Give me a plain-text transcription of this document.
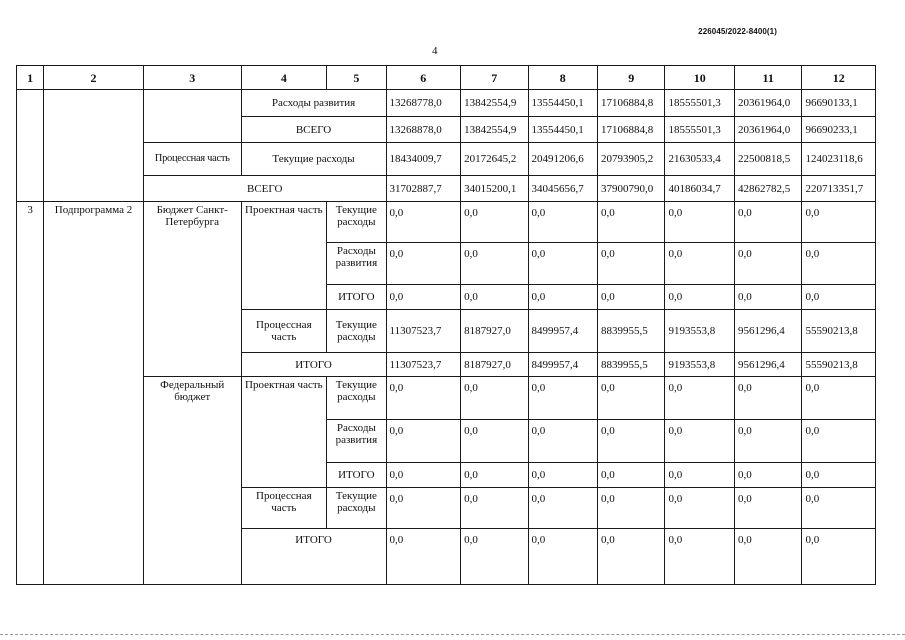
226045/2022-8400(1)
4
1	2	3	4	5	6	7	8	9	10	11	12
			Расходы развития		13268778,0	13842554,9	13554450,1	17106884,8	18555501,3	20361964,0	96690133,1
			ВСЕГО		13268878,0	13842554,9	13554450,1	17106884,8	18555501,3	20361964,0	96690233,1
		Процессная часть	Текущие расходы		18434009,7	20172645,2	20491206,6	20793905,2	21630533,4	22500818,5	124023118,6
		ВСЕГО			31702887,7	34015200,1	34045656,7	37900790,0	40186034,7	42862782,5	220713351,7
3	Подпрограмма 2	Бюджет Санкт-Петербурга	Проектная часть	Текущие расходы	0,0	0,0	0,0	0,0	0,0	0,0	0,0
				Расходы развития	0,0	0,0	0,0	0,0	0,0	0,0	0,0
				ИТОГО	0,0	0,0	0,0	0,0	0,0	0,0	0,0
			Процессная часть	Текущие расходы	11307523,7	8187927,0	8499957,4	8839955,5	9193553,8	9561296,4	55590213,8
			ИТОГО		11307523,7	8187927,0	8499957,4	8839955,5	9193553,8	9561296,4	55590213,8
		Федеральный бюджет	Проектная часть	Текущие расходы	0,0	0,0	0,0	0,0	0,0	0,0	0,0
				Расходы развития	0,0	0,0	0,0	0,0	0,0	0,0	0,0
				ИТОГО	0,0	0,0	0,0	0,0	0,0	0,0	0,0
			Процессная часть	Текущие расходы	0,0	0,0	0,0	0,0	0,0	0,0	0,0
			ИТОГО		0,0	0,0	0,0	0,0	0,0	0,0	0,0
